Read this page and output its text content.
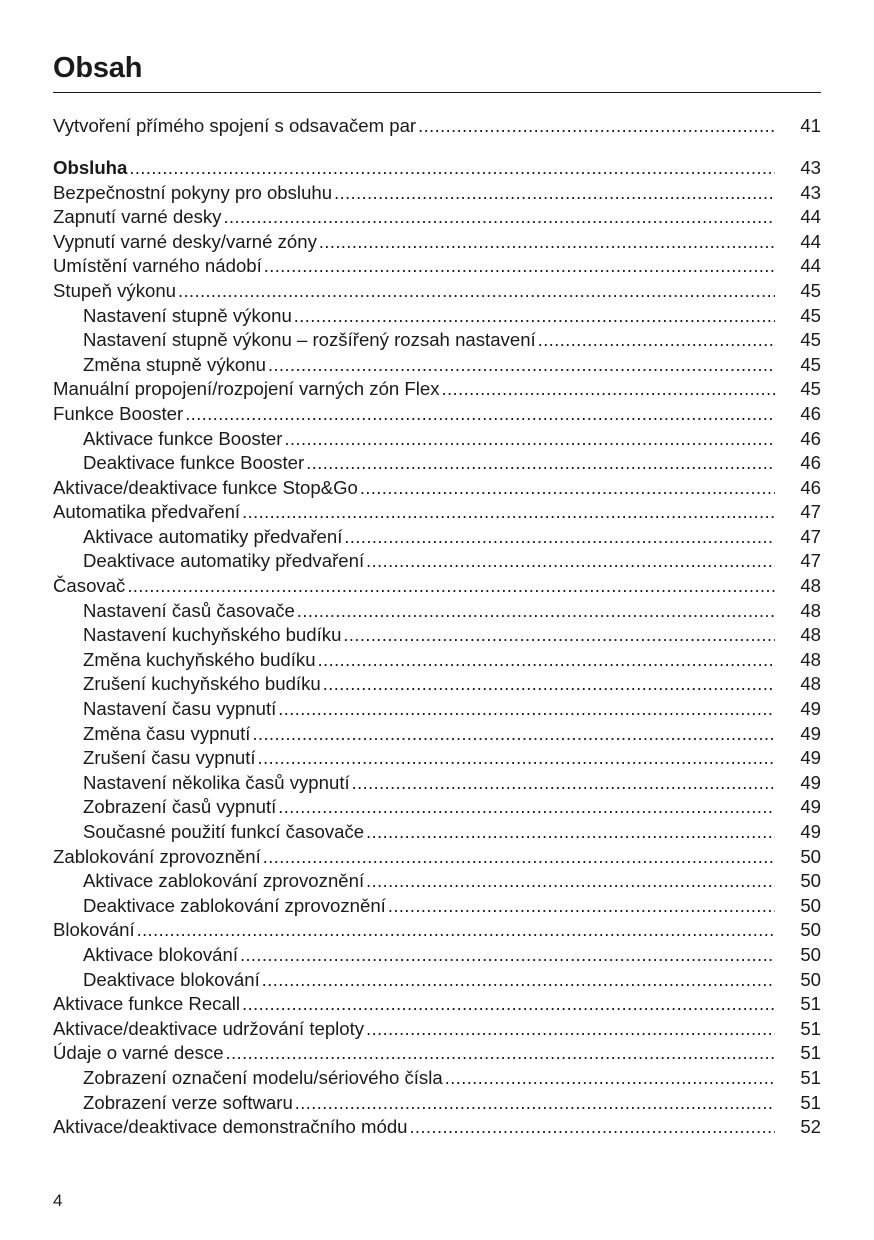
Obsah
Vytvoření přímého spojení s odsavačem par .....	41
Obsluha .....	43
Bezpečnostní pokyny pro obsluhu .....	43
Zapnutí varné desky .....	44
Vypnutí varné desky/varné zóny .....	44
Umístění varného nádobí .....	44
Stupeň výkonu .....	45
Nastavení stupně výkonu .....	45
Nastavení stupně výkonu – rozšířený rozsah nastavení .....	45
Změna stupně výkonu .....	45
Manuální propojení/rozpojení varných zón Flex .....	45
Funkce Booster .....	46
Aktivace funkce Booster .....	46
Deaktivace funkce Booster .....	46
Aktivace/deaktivace funkce Stop&Go .....	46
Automatika předvaření .....	47
Aktivace automatiky předvaření .....	47
Deaktivace automatiky předvaření .....	47
Časovač .....	48
Nastavení časů časovače .....	48
Nastavení kuchyňského budíku .....	48
Změna kuchyňského budíku .....	48
Zrušení kuchyňského budíku .....	48
Nastavení času vypnutí .....	49
Změna času vypnutí .....	49
Zrušení času vypnutí .....	49
Nastavení několika časů vypnutí .....	49
Zobrazení časů vypnutí .....	49
Současné použití funkcí časovače .....	49
Zablokování zprovoznění .....	50
Aktivace zablokování zprovoznění .....	50
Deaktivace zablokování zprovoznění .....	50
Blokování .....	50
Aktivace blokování .....	50
Deaktivace blokování .....	50
Aktivace funkce Recall .....	51
Aktivace/deaktivace udržování teploty .....	51
Údaje o varné desce .....	51
Zobrazení označení modelu/sériového čísla .....	51
Zobrazení verze softwaru .....	51
Aktivace/deaktivace demonstračního módu .....	52
4
